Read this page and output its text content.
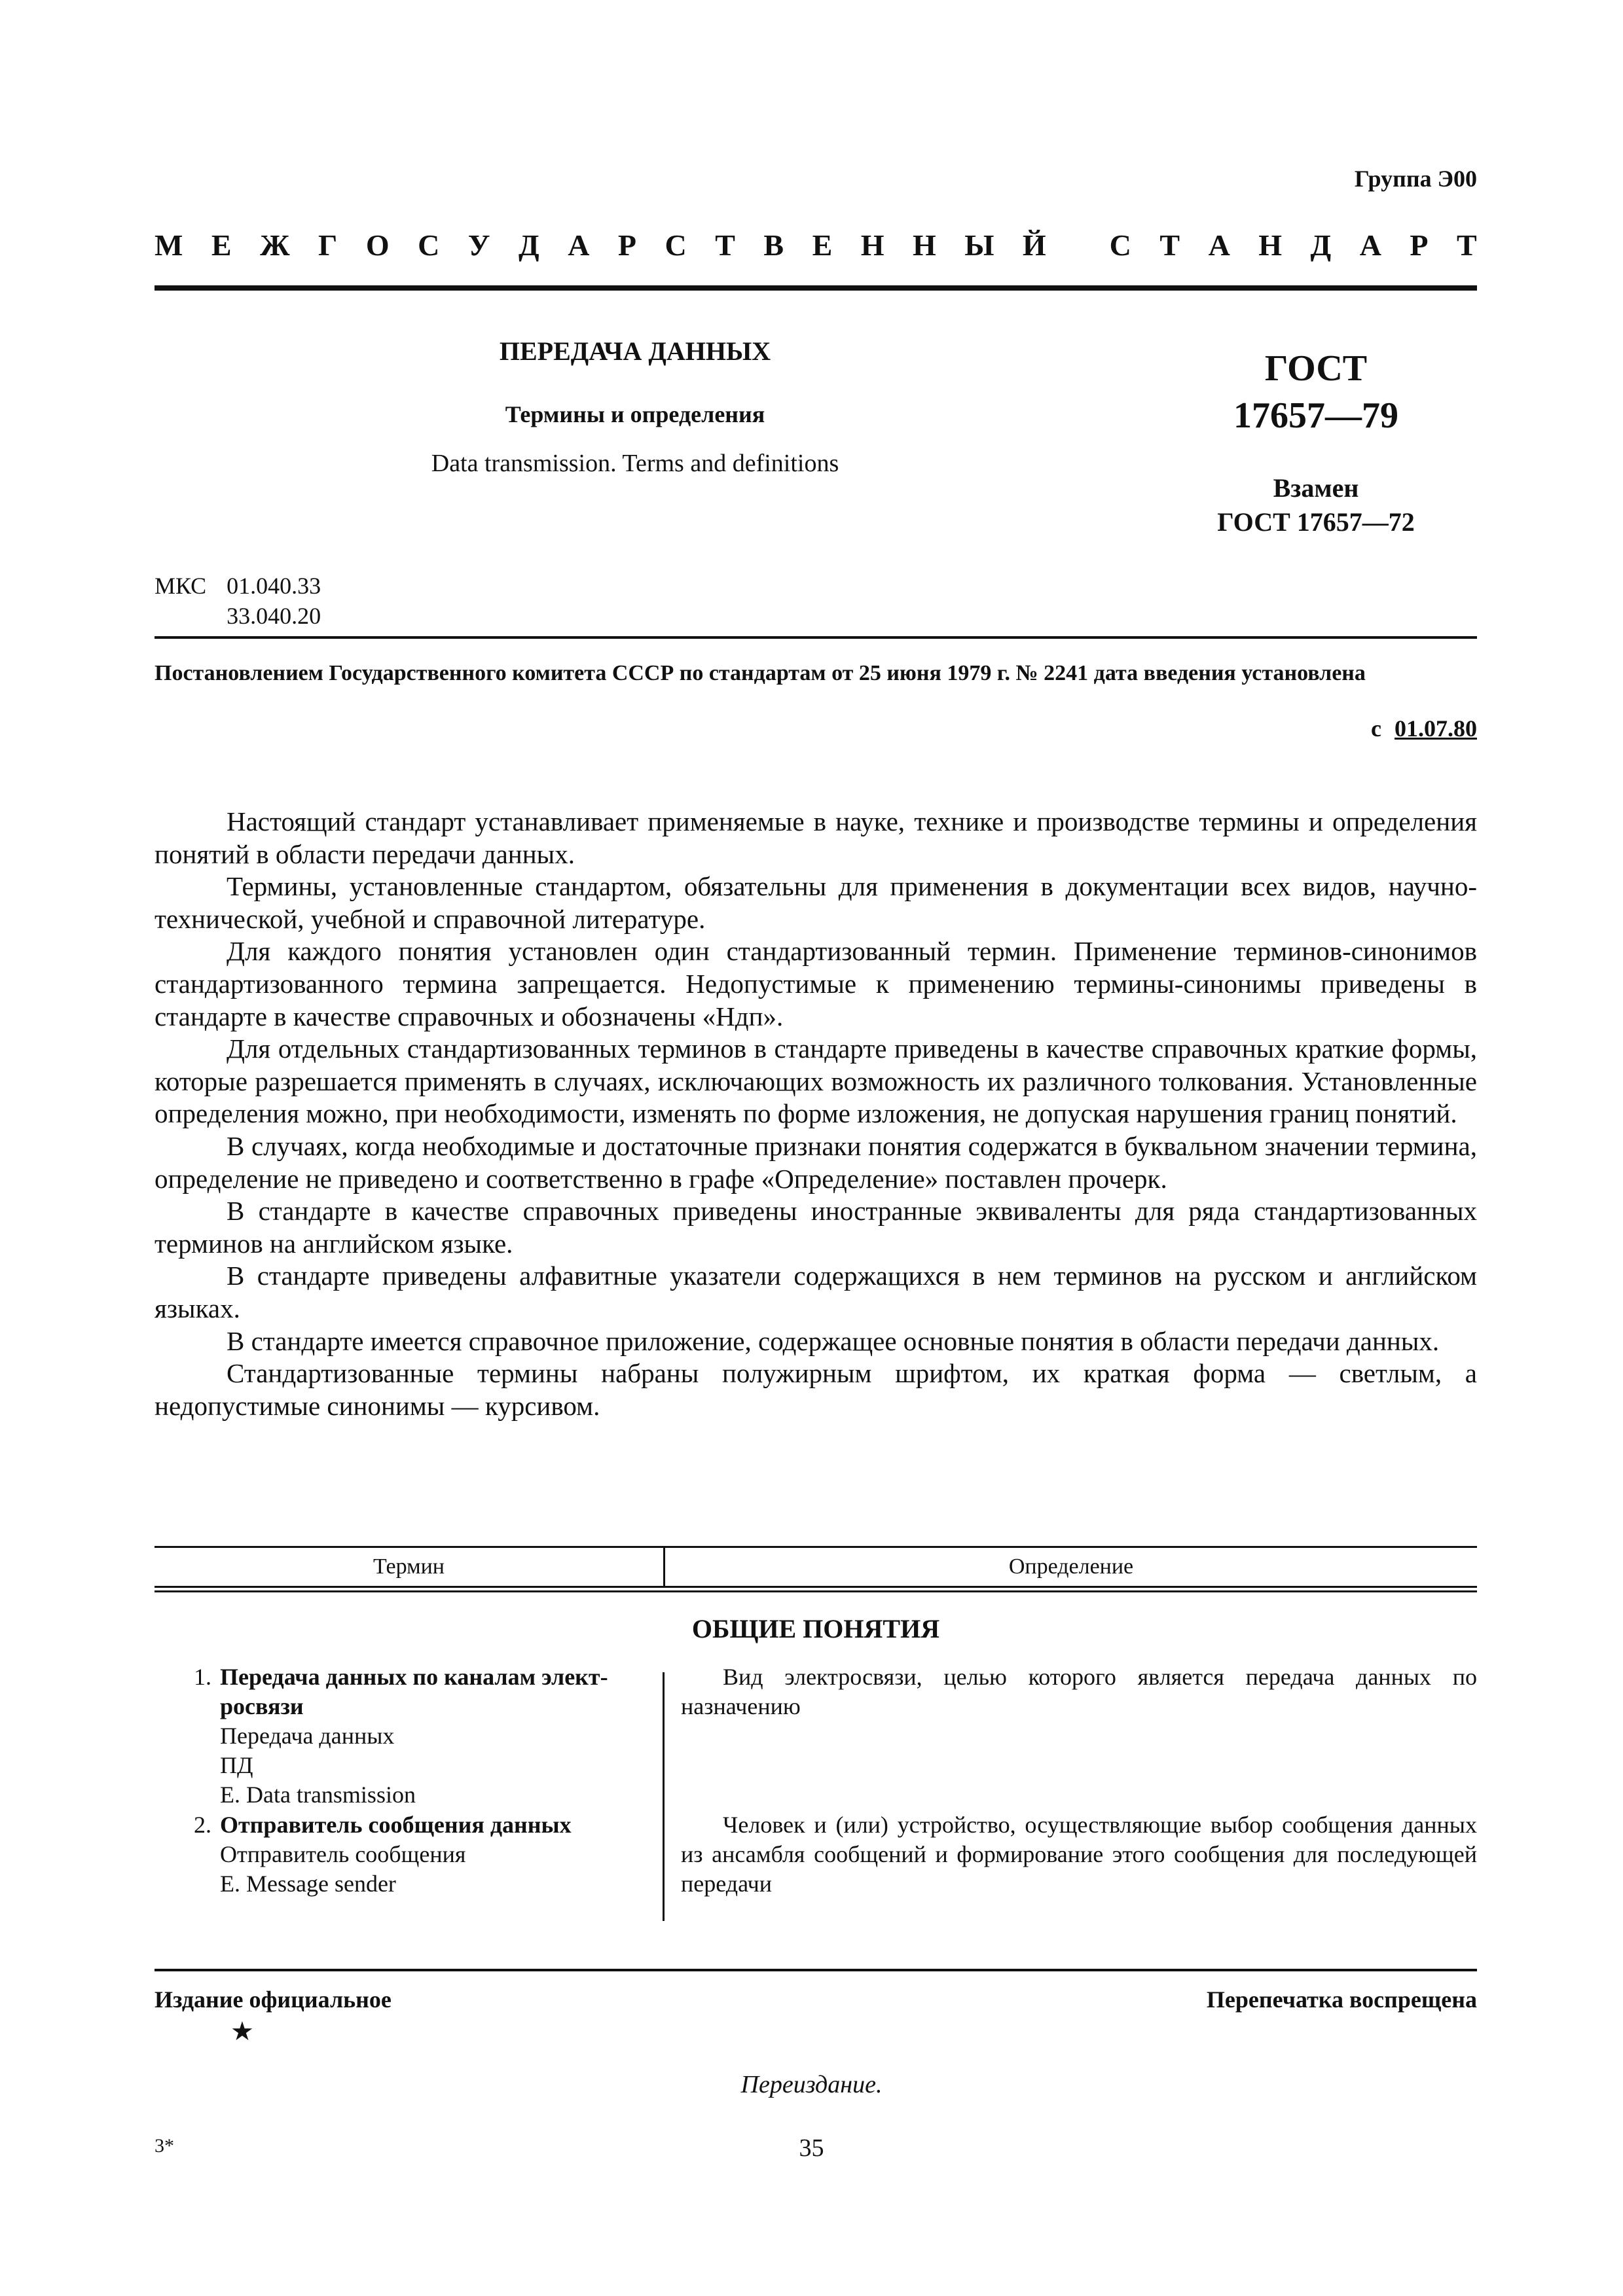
Группа Э00
М Е Ж Г О С У Д А Р С Т В Е Н Н Ы Й С Т А Н Д А Р Т
ПЕРЕДАЧА ДАННЫХ
Термины и определения
Data transmission. Terms and definitions
ГОСТ
17657—79
Взамен
ГОСТ 17657—72
МКС 01.040.33
33.040.20
Постановлением Государственного комитета СССР по стандартам от 25 июня 1979 г. № 2241 дата введения установлена
с 01.07.80

Настоящий стандарт устанавливает применяемые в науке, технике и производстве термины и определения понятий в области передачи данных.

Термины, установленные стандартом, обязательны для применения в документации всех видов, научно-технической, учебной и справочной литературе.

Для каждого понятия установлен один стандартизованный термин. Применение терминов-синонимов стандартизованного термина запрещается. Недопустимые к применению термины-синонимы приведены в стандарте в качестве справочных и обозначены «Ндп».

Для отдельных стандартизованных терминов в стандарте приведены в качестве справочных краткие формы, которые разрешается применять в случаях, исключающих возможность их различного толкования. Установленные определения можно, при необходимости, изменять по форме изложения, не допуская нарушения границ понятий.

В случаях, когда необходимые и достаточные признаки понятия содержатся в буквальном значении термина, определение не приведено и соответственно в графе «Определение» поставлен прочерк.

В стандарте в качестве справочных приведены иностранные эквиваленты для ряда стандартизованных терминов на английском языке.

В стандарте приведены алфавитные указатели содержащихся в нем терминов на русском и английском языках.

В стандарте имеется справочное приложение, содержащее основные понятия в области передачи данных.

Стандартизованные термины набраны полужирным шрифтом, их краткая форма — светлым, а недопустимые синонимы — курсивом.

Термин	Определение
ОБЩИЕ ПОНЯТИЯ
1. Передача данных по каналам элект-
росвязи
Передача данных
ПД
E. Data transmission
Вид электросвязи, целью которого является передача данных по назначению
2. Отправитель сообщения данных
Отправитель сообщения
E. Message sender
Человек и (или) устройство, осуществляющие выбор сообщения данных из ансамбля сообщений и формирование этого сообщения для последующей передачи
Издание официальное	Перепечатка воспрещена
★
Переиздание.
35
3*
